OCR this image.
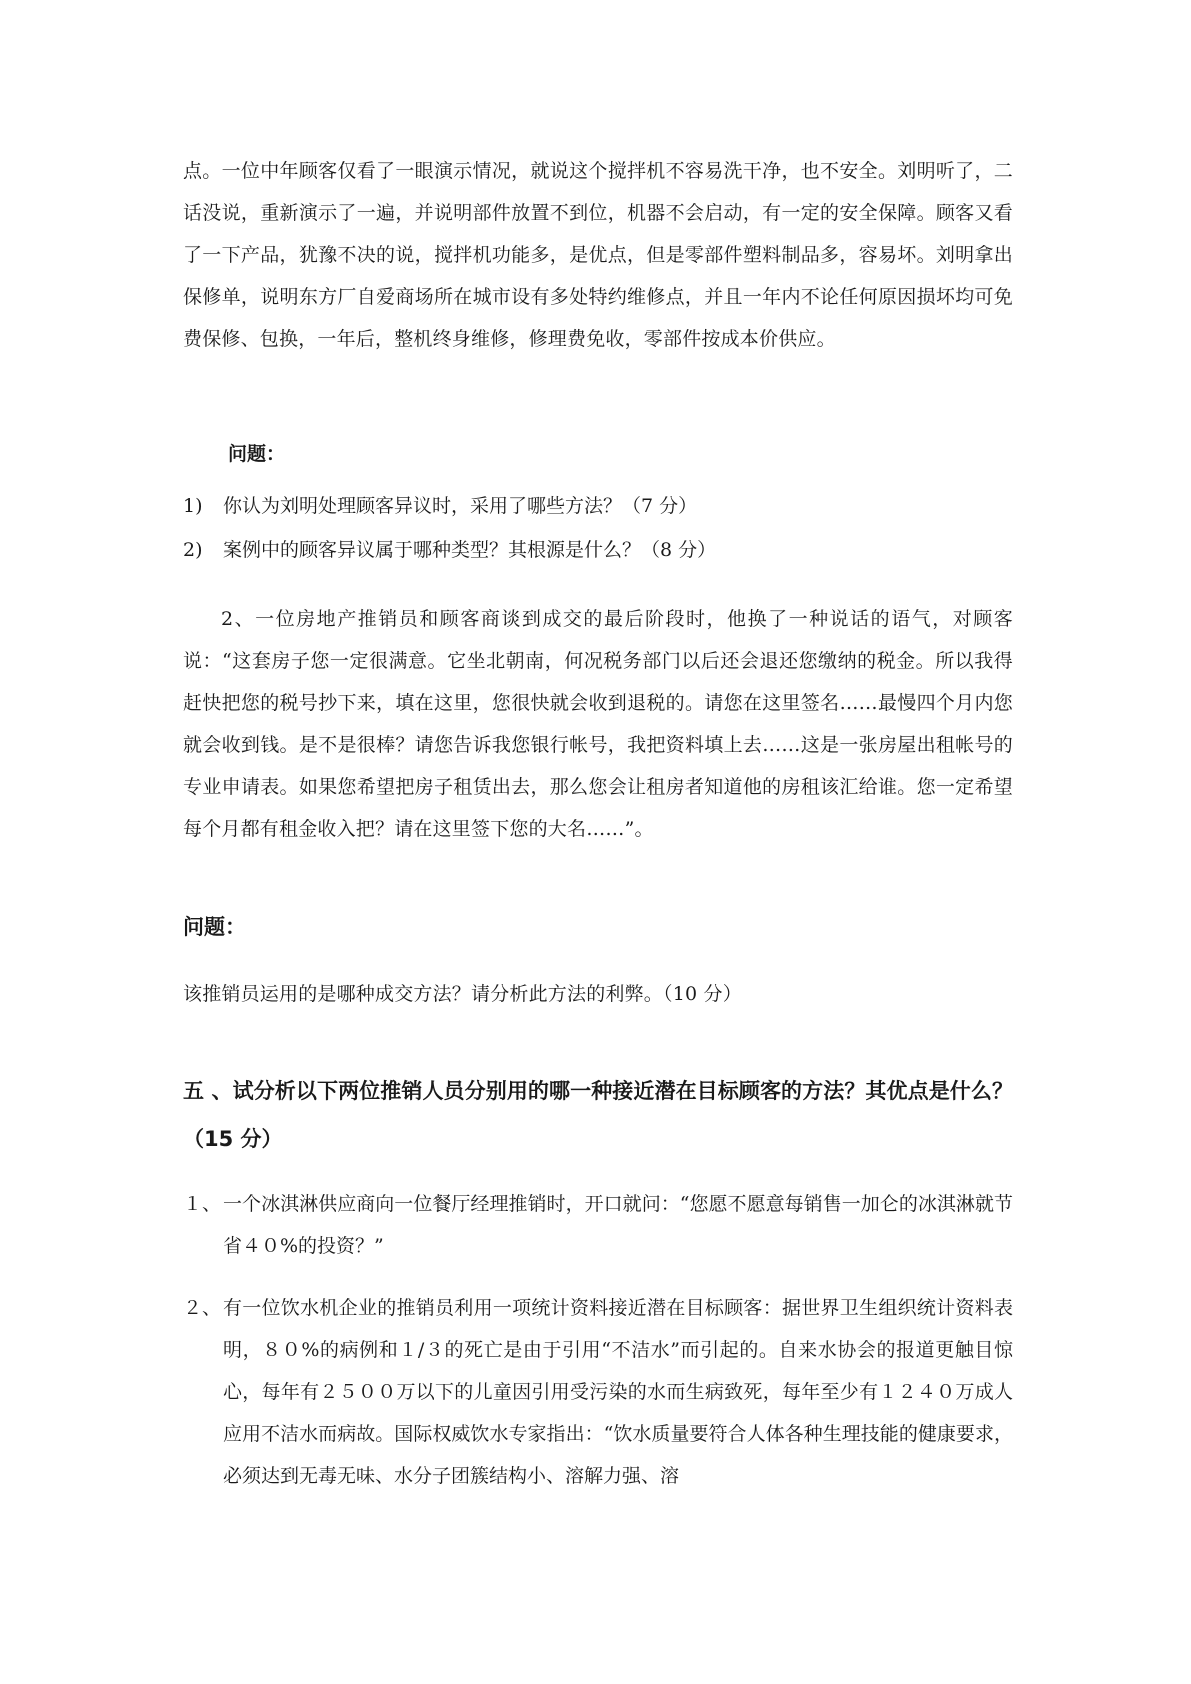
点。一位中年顾客仅看了一眼演示情况，就说这个搅拌机不容易洗干净，也不安全。刘明听了，二话没说，重新演示了一遍，并说明部件放置不到位，机器不会启动，有一定的安全保障。顾客又看了一下产品，犹豫不决的说，搅拌机功能多，是优点，但是零部件塑料制品多，容易坏。刘明拿出保修单，说明东方厂自爱商场所在城市设有多处特约维修点，并且一年内不论任何原因损坏均可免费保修、包换，一年后，整机终身维修，修理费免收，零部件按成本价供应。

问题：

1)	你认为刘明处理顾客异议时，采用了哪些方法？（7 分）
2)	案例中的顾客异议属于哪种类型？其根源是什么？（8 分）

2、一位房地产推销员和顾客商谈到成交的最后阶段时，他换了一种说话的语气，对顾客说：“这套房子您一定很满意。它坐北朝南，何况税务部门以后还会退还您缴纳的税金。所以我得赶快把您的税号抄下来，填在这里，您很快就会收到退税的。请您在这里签名……最慢四个月内您就会收到钱。是不是很棒？请您告诉我您银行帐号，我把资料填上去……这是一张房屋出租帐号的专业申请表。如果您希望把房子租赁出去，那么您会让租房者知道他的房租该汇给谁。您一定希望每个月都有租金收入把？请在这里签下您的大名……”。

问题：

该推销员运用的是哪种成交方法？请分析此方法的利弊。（10 分）

五 、试分析以下两位推销人员分别用的哪一种接近潜在目标顾客的方法？其优点是什么？（15 分）

１、 一个冰淇淋供应商向一位餐厅经理推销时，开口就问：“您愿不愿意每销售一加仑的冰淇淋就节省４０%的投资？”
２、 有一位饮水机企业的推销员利用一项统计资料接近潜在目标顾客：据世界卫生组织统计资料表明，８０%的病例和１/３的死亡是由于引用“不洁水”而引起的。自来水协会的报道更触目惊心，每年有２５００万以下的儿童因引用受污染的水而生病致死，每年至少有１２４０万成人应用不洁水而病故。国际权威饮水专家指出：“饮水质量要符合人体各种生理技能的健康要求，必须达到无毒无味、水分子团簇结构小、溶解力强、溶
